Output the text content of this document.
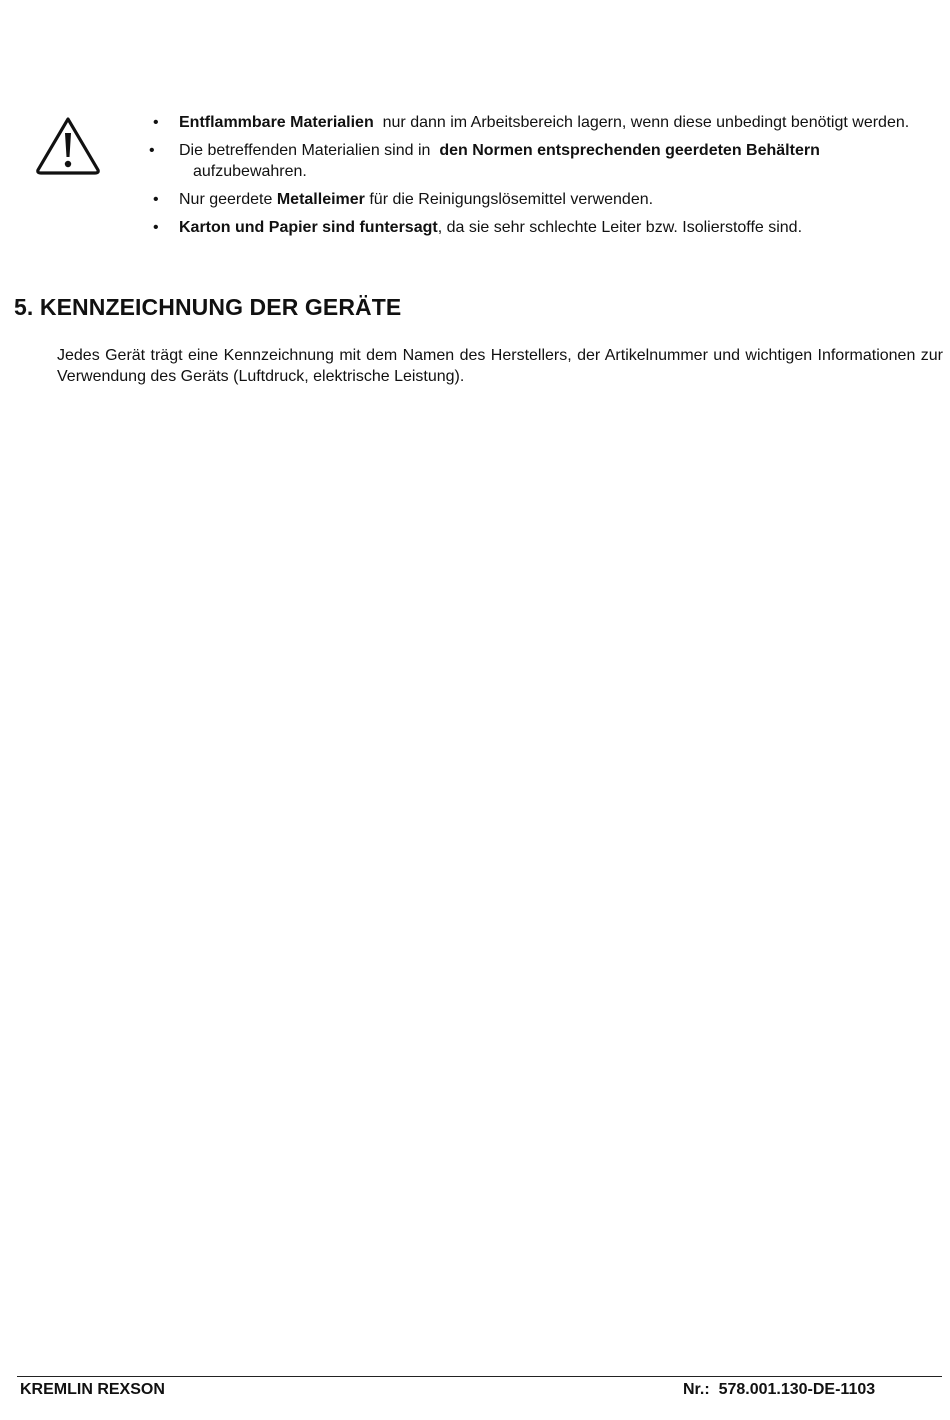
• Entflammbare Materialien nur dann im Arbeitsbereich lagern, wenn diese unbedingt benötigt werden.
• Die betreffenden Materialien sind in den Normen entsprechenden geerdeten Behältern
aufzubewahren.
• Nur geerdete Metalleimer für die Reinigungslösemittel verwenden.
• Karton und Papier sind funtersagt, da sie sehr schlechte Leiter bzw. Isolierstoffe sind.
5. KENNZEICHNUNG DER GERÄTE

Jedes Gerät trägt eine Kennzeichnung mit dem Namen des Herstellers, der Artikelnummer und wichtigen Informationen zur Verwendung des Geräts (Luftdruck, elektrische Leistung).

KREMLIN REXSON	Nr.:  578.001.130-DE-1103
